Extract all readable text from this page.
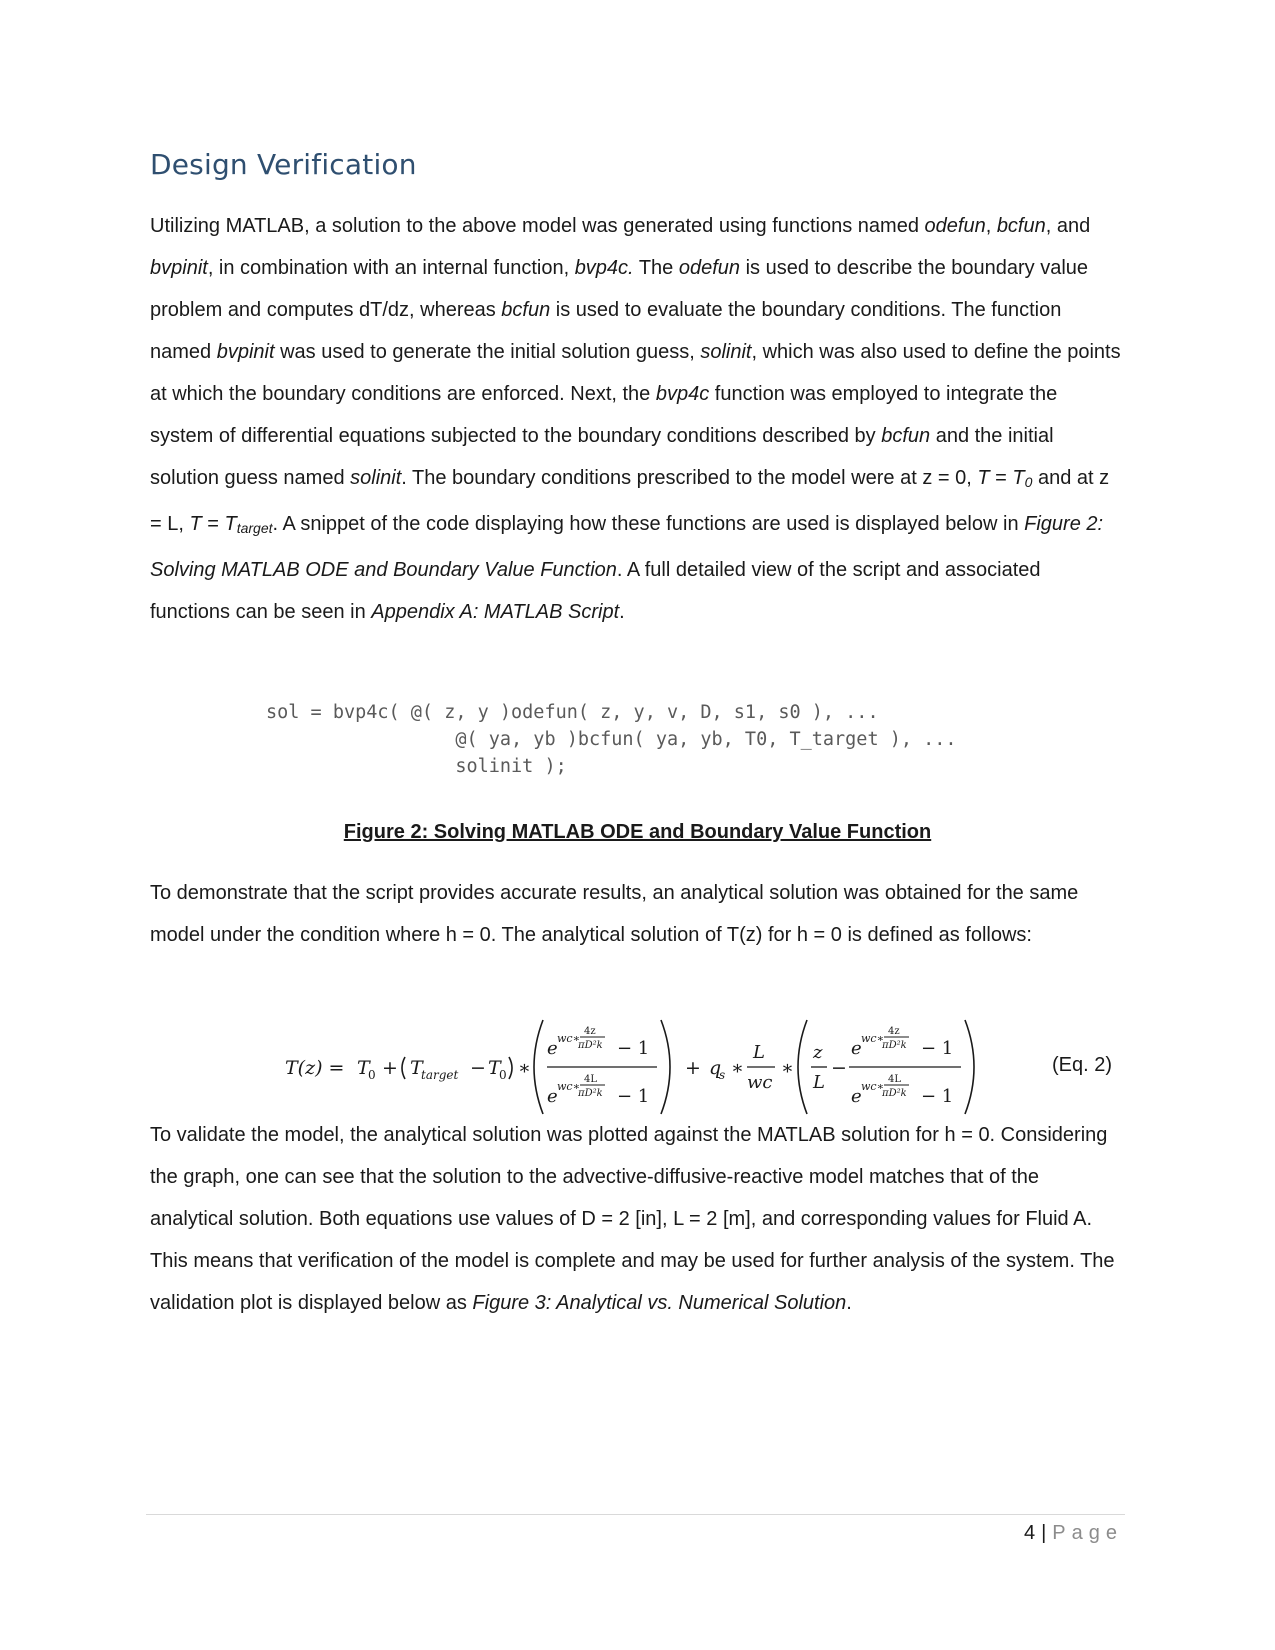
Design Verification

Utilizing MATLAB, a solution to the above model was generated using functions named odefun, bcfun, and bvpinit, in combination with an internal function, bvp4c. The odefun is used to describe the boundary value problem and computes dT/dz, whereas bcfun is used to evaluate the boundary conditions. The function named bvpinit was used to generate the initial solution guess, solinit, which was also used to define the points at which the boundary conditions are enforced. Next, the bvp4c function was employed to integrate the system of differential equations subjected to the boundary conditions described by bcfun and the initial solution guess named solinit. The boundary conditions prescribed to the model were at z = 0, $T = T_0$ and at z = L, $T = T_{target}$. A snippet of the code displaying how these functions are used is displayed below in Figure 2: Solving MATLAB ODE and Boundary Value Function. A full detailed view of the script and associated functions can be seen in Appendix A: MATLAB Script.

sol = bvp4c( @( z, y )odefun( z, y, v, D, s1, s0 ), ...
@( ya, yb )bcfun( ya, yb, T0, T_target ), ...
solinit );
Figure 2: Solving MATLAB ODE and Boundary Value Function

To demonstrate that the script provides accurate results, an analytical solution was obtained for the same model under the condition where h = 0. The analytical solution of T(z) for h = 0 is defined as follows:

T(z) = T
0 + T
target − T
0 ∗
e wc∗
4z
πD²k − 1
e wc∗
4L
πD²k − 1
+ q
s ∗
L
wc
∗
z
L
−
e wc∗
4z
πD²k − 1
e wc∗
4L
πD²k − 1
(Eq. 2)

To validate the model, the analytical solution was plotted against the MATLAB solution for h = 0. Considering the graph, one can see that the solution to the advective-diffusive-reactive model matches that of the analytical solution. Both equations use values of D = 2 [in], L = 2 [m], and corresponding values for Fluid A. This means that verification of the model is complete and may be used for further analysis of the system. The validation plot is displayed below as Figure 3: Analytical vs. Numerical Solution.

4 | Page
